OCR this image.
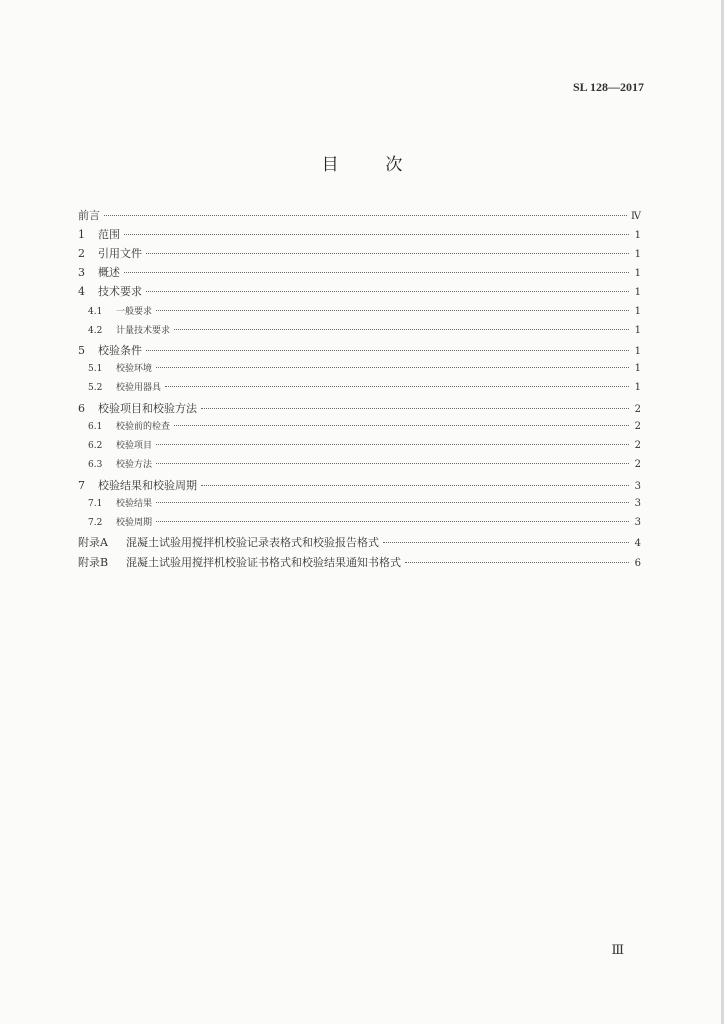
SL 128—2017
目	次
前言	Ⅳ
1	范围	1
2	引用文件	1
3	概述	1
4	技术要求	1
4.1	一般要求	1
4.2	计量技术要求	1
5	校验条件	1
5.1	校验环境	1
5.2	校验用器具	1
6	校验项目和校验方法	2
6.1	校验前的检查	2
6.2	校验项目	2
6.3	校验方法	2
7	校验结果和校验周期	3
7.1	校验结果	3
7.2	校验周期	3
附录A	混凝土试验用搅拌机校验记录表格式和校验报告格式	4
附录B	混凝土试验用搅拌机校验证书格式和校验结果通知书格式	6
Ⅲ
